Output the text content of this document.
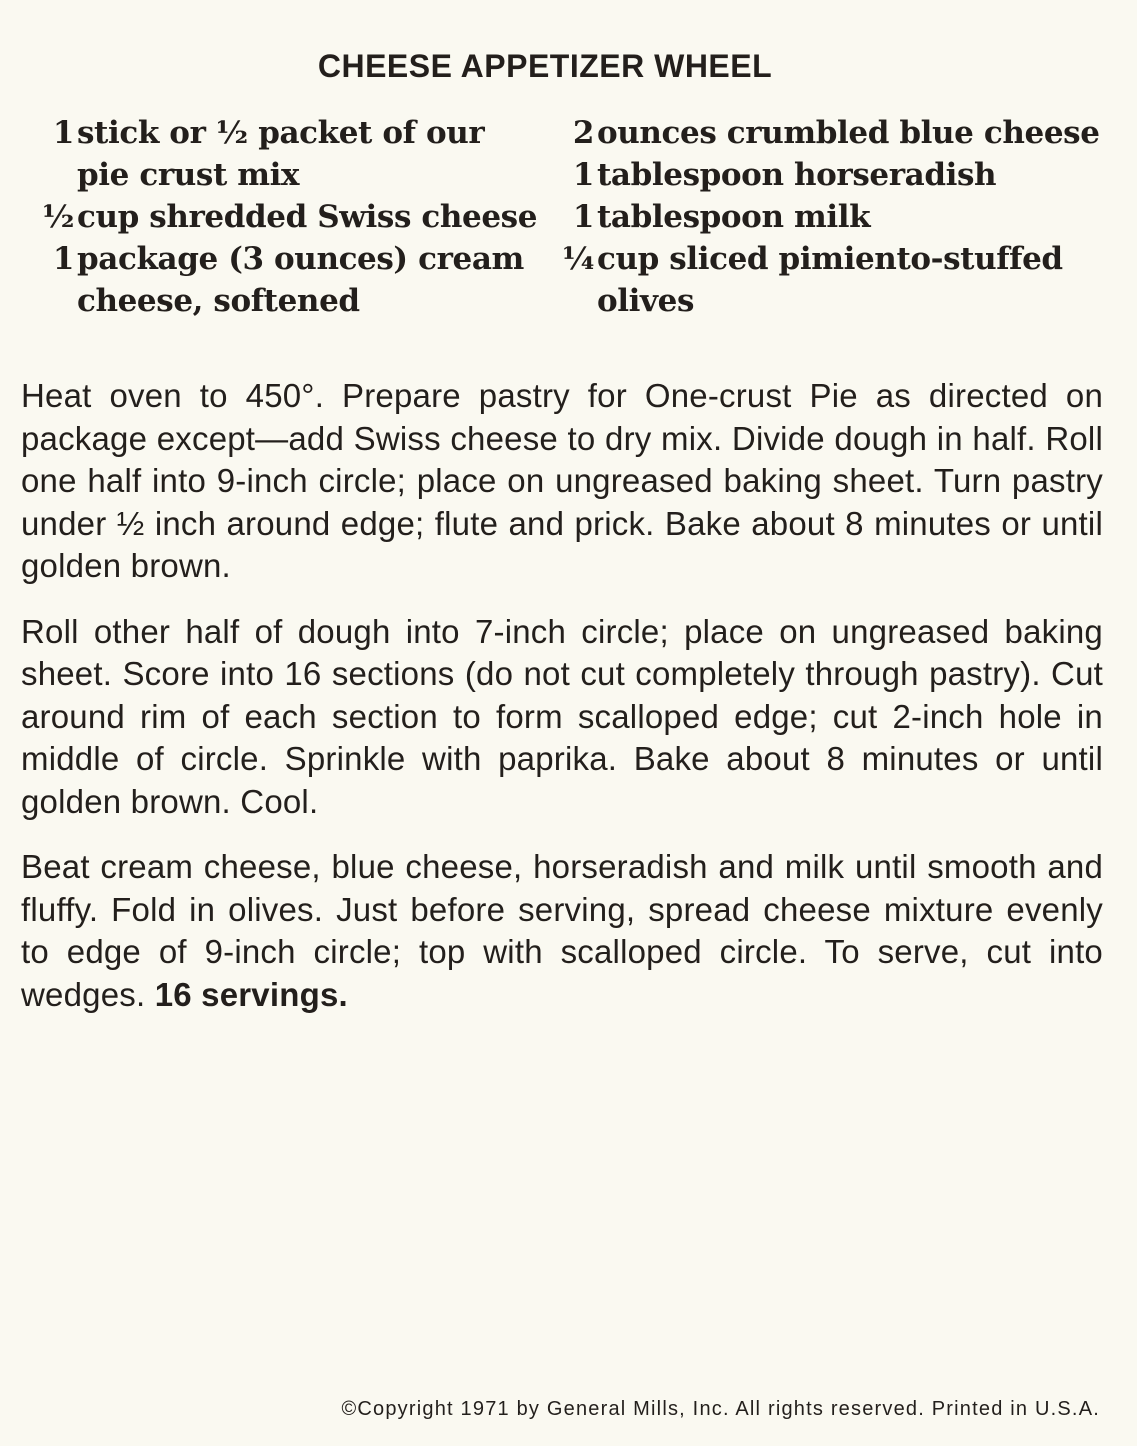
CHEESE APPETIZER WHEEL
1 stick or ½ packet of our pie crust mix
½ cup shredded Swiss cheese
1 package (3 ounces) cream cheese, softened
2 ounces crumbled blue cheese
1 tablespoon horseradish
1 tablespoon milk
¼ cup sliced pimiento-stuffed olives

Heat oven to 450°. Prepare pastry for One-crust Pie as directed on package except—add Swiss cheese to dry mix. Divide dough in half. Roll one half into 9-inch circle; place on ungreased baking sheet. Turn pastry under ½ inch around edge; flute and prick. Bake about 8 minutes or until golden brown.

Roll other half of dough into 7-inch circle; place on ungreased baking sheet. Score into 16 sections (do not cut completely through pastry). Cut around rim of each section to form scalloped edge; cut 2-inch hole in middle of circle. Sprinkle with paprika. Bake about 8 minutes or until golden brown. Cool.

Beat cream cheese, blue cheese, horseradish and milk until smooth and fluffy. Fold in olives. Just before serving, spread cheese mixture evenly to edge of 9-inch circle; top with scalloped circle. To serve, cut into wedges. 16 servings.

©Copyright 1971 by General Mills, Inc. All rights reserved. Printed in U.S.A.
